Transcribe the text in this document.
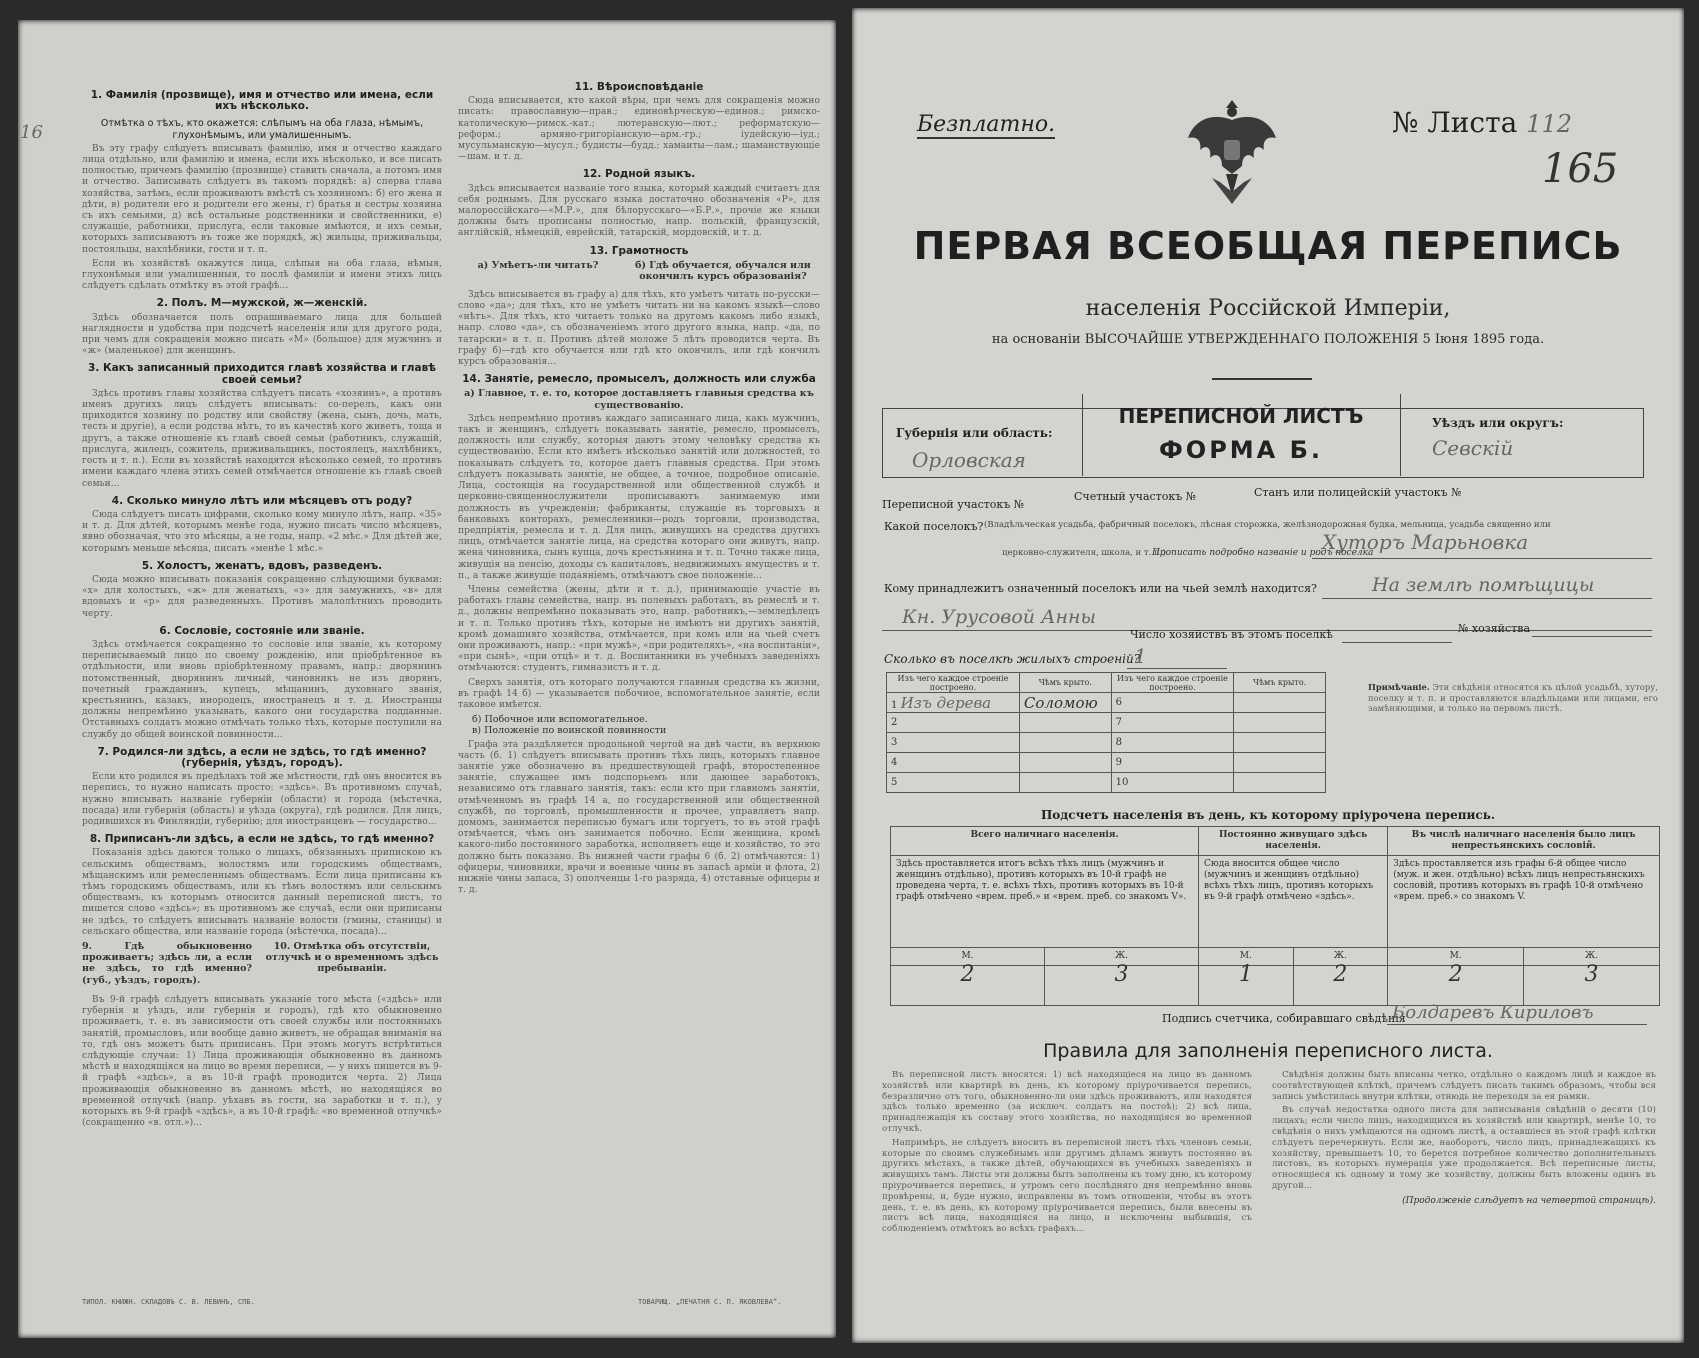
16
1. Фамилія (прозвище), имя и отчество или имена, если ихъ нѣсколько.
Отмѣтка о тѣхъ, кто окажется: слѣпымъ на оба глаза, нѣмымъ, глухонѣмымъ, или умалишеннымъ.

Въ эту графу слѣдуетъ вписывать фамилію, имя и отчество каждаго лица отдѣльно, или фамилію и имена, если ихъ нѣсколько, и все писать полностью, причемъ фамилію (прозвище) ставить сначала, а потомъ имя и отчество. Записывать слѣдуетъ въ такомъ порядкѣ: а) сперва глава хозяйства, затѣмъ, если проживаютъ вмѣстѣ съ хозяиномъ: б) его жена и дѣти, в) родители его и родители его жены, г) братья и сестры хозяина съ ихъ семьями, д) всѣ остальные родственники и свойственники, е) служащіе, работники, прислуга, если таковые имѣются, и ихъ семьи, которыхъ записываютъ въ тоже же порядкѣ, ж) жильцы, приживальцы, постояльцы, нахлѣбники, гости и т. п.

Если въ хозяйствѣ окажутся лица, слѣпыя на оба глаза, нѣмыя, глухонѣмыя или умалишенныя, то послѣ фамиліи и имени этихъ лицъ слѣдуетъ сдѣлать отмѣтку въ этой графѣ...

2. Полъ. М—мужской, ж—женскій.

Здѣсь обозначается полъ опрашиваемаго лица для большей наглядности и удобства при подсчетѣ населенія или для другого рода, при чемъ для сокращенія можно писать «М» (большое) для мужчинъ и «ж» (маленькое) для женщинъ.

3. Какъ записанный приходится главѣ хозяйства и главѣ своей семьи?

Здѣсь противъ главы хозяйства слѣдуетъ писать «хозяинъ», а противъ именъ другихъ лицъ слѣдуетъ вписывать: со-перелъ, какъ они приходятся хозяину по родству или свойству (жена, сынъ, дочь, мать, тесть и другіе), а если родства нѣтъ, то въ качествѣ кого живетъ, тоща и другъ, а также отношеніе къ главѣ своей семьи (работникъ, служащій, прислуга, жилецъ, сожитель, приживальщикъ, постоялецъ, нахлѣбникъ, гость и т. п.). Если въ хозяйствѣ находятся нѣсколько семей, то противъ имени каждаго члена этихъ семей отмѣчается отношеніе къ главѣ своей семьи...

4. Сколько минуло лѣтъ или мѣсяцевъ отъ роду?

Сюда слѣдуетъ писать цифрами, сколько кому минуло лѣтъ, напр. «35» и т. д. Для дѣтей, которымъ менѣе года, нужно писать число мѣсяцевъ, явно обозначая, что это мѣсяцы, а не годы, напр. «2 мѣс.» Для дѣтей же, которымъ меньше мѣсяца, писать «менѣе 1 мѣс.»

5. Холостъ, женатъ, вдовъ, разведенъ.

Сюда можно вписывать показанія сокращенно слѣдующими буквами: «х» для холостыхъ, «ж» для женатыхъ, «з» для замужнихъ, «в» для вдовыхъ и «р» для разведенныхъ. Противъ малолѣтнихъ проводить черту.

6. Сословіе, состояніе или званіе.

Здѣсь отмѣчается сокращенно то сословіе или званіе, къ которому переписываемый лицо по своему рожденію, или пріобрѣтенное въ отдѣльности, или вновь пріобрѣтенному правамъ, напр.: дворянинъ потомственный, дворянинъ личный, чиновникъ не изъ дворянъ, почетный гражданинъ, купецъ, мѣщанинъ, духовнаго званія, крестьянинъ, казакъ, инородецъ, иностранецъ и т. д. Иностранцы должны непремѣнно указывать, какого они государства подданные. Отставныхъ солдатъ можно отмѣчать только тѣхъ, которые поступили на службу до общей воинской повинности...

7. Родился-ли здѣсь, а если не здѣсь, то гдѣ именно? (губернія, уѣздъ, городъ).

Если кто родился въ предѣлахъ той же мѣстности, гдѣ онъ вносится въ перепись, то нужно написать просто: «здѣсь». Въ противномъ случаѣ, нужно вписывать названіе губерніи (области) и города (мѣстечка, посада) или губернія (область) и уѣзда (округа), гдѣ родился. Для лицъ, родившихся въ Финляндіи, губернію; для иностранцевъ — государство...

8. Приписанъ-ли здѣсь, а если не здѣсь, то гдѣ именно?

Показанія здѣсь даются только о лицахъ, обязанныхъ припискою къ сельскимъ обществамъ, волостямъ или городскимъ обществамъ, мѣщанскимъ или ремесленнымъ обществамъ. Если лица приписаны къ тѣмъ городскимъ обществамъ, или къ тѣмъ волостямъ или сельскимъ обществамъ, къ которымъ относится данный переписной листъ, то пишется слово «здѣсь»; въ противномъ же случаѣ, если они приписаны не здѣсь, то слѣдуетъ вписывать названіе волости (гмины, станицы) и сельскаго общества, или названіе города (мѣстечка, посада)...

9. Гдѣ обыкновенно проживаетъ; здѣсь ли, а если не здѣсь, то гдѣ именно? (губ., уѣздъ, городъ).
10. Отмѣтка объ отсутствіи, отлучкѣ и о временномъ здѣсь пребываніи.

Въ 9-й графѣ слѣдуетъ вписывать указаніе того мѣста («здѣсь» или губернія и уѣздъ, или губернія и городъ), гдѣ кто обыкновенно проживаетъ, т. е. въ зависимости отъ своей службы или постоянныхъ занятій, промысловъ, или вообще давно живетъ, не обращая вниманія на то, гдѣ онъ можетъ быть приписанъ. При этомъ могутъ встрѣтиться слѣдующіе случаи: 1) Лица проживающія обыкновенно въ данномъ мѣстѣ и находящіяся на лицо во время переписи, — у нихъ пишется въ 9-й графѣ «здѣсь», а въ 10-й графѣ проводится черта. 2) Лица проживающія обыкновенно въ данномъ мѣстѣ, но находящіяся во временной отлучкѣ (напр. уѣхавъ въ гости, на заработки и т. п.), у которыхъ въ 9-й графѣ «здѣсь», а въ 10-й графѣ: «во временной отлучкѣ» (сокращенно «в. отл.»)...

ТИПОЛ. КНИЖН. СКЛАДОВЪ С. В. ЛЕВИНЪ, СПБ.
11. Вѣроисповѣданіе

Сюда вписывается, кто какой вѣры, при чемъ для сокращенія можно писать: православную—прав.; единовѣрческую—единов.; римско-католическую—римск.-кат.; лютеранскую—лют.; реформатскую—реформ.; армяно-григоріанскую—арм.-гр.; іудейскую—іуд.; мусульманскую—мусул.; будисты—будд.; хамаиты—лам.; шаманствующіе—шам. и т. д.

12. Родной языкъ.

Здѣсь вписывается названіе того языка, который каждый считаетъ для себя роднымъ. Для русскаго языка достаточно обозначенія «Р», для малороссійскаго—«М.Р.», для бѣлорусскаго—«Б.Р.», прочіе же языки должны быть прописаны полностью, напр. польскій, французскій, англійскій, нѣмецкій, еврейскій, татарскій, мордовскій, и т. д.

13. Грамотность
а) Умѣетъ-ли читать?	б) Гдѣ обучается, обучался или окончилъ курсъ образованія?

Здѣсь вписывается въ графу а) для тѣхъ, кто умѣетъ читать по-русски—слово «да»; для тѣхъ, кто не умѣетъ читать ни на какомъ языкѣ—слово «нѣтъ». Для тѣхъ, кто читаетъ только на другомъ какомъ либо языкѣ, напр. слово «да», съ обозначеніемъ этого другого языка, напр. «да, по татарски» и т. п. Противъ дѣтей моложе 5 лѣтъ проводится черта. Въ графу б)—гдѣ кто обучается или гдѣ кто окончилъ, или гдѣ кончилъ курсъ образованія...

14. Занятіе, ремесло, промыселъ, должность или служба
а) Главное, т. е. то, которое доставляетъ главныя средства къ существованію.

Здѣсь непремѣнно противъ каждаго записаннаго лица, какъ мужчинъ, такъ и женщинъ, слѣдуетъ показывать занятіе, ремесло, промыселъ, должность или службу, которыя даютъ этому человѣку средства къ существованію. Если кто имѣетъ нѣсколько занятій или должностей, то показывать слѣдуетъ то, которое даетъ главныя средства. При этомъ слѣдуетъ показывать занятіе, не общее, а точное, подробное описаніе. Лица, состоящія на государственной или общественной службѣ и церковно-священнослужители прописываютъ занимаемую ими должность въ учрежденіи; фабриканты, служащіе въ торговыхъ и банковыхъ конторахъ, ремесленники—родъ торговли, производства, предпріятія, ремесла и т. д. Для лицъ, живущихъ на средства другихъ лицъ, отмѣчается занятіе лица, на средства котораго они живутъ, напр. жена чиновника, сынъ купца, дочь крестьянина и т. п. Точно также лица, живущія на пенсію, доходы съ капиталовъ, недвижимыхъ имуществъ и т. п., а также живущіе подаяніемъ, отмѣчаютъ свое положеніе...

Члены семейства (жены, дѣти и т. д.), принимающіе участіе въ работахъ главы семейства, напр. въ полевыхъ работахъ, въ ремеслѣ и т. д., должны непремѣнно показывать это, напр. работникъ,—земледѣлецъ и т. п. Только противъ тѣхъ, которые не имѣютъ ни другихъ занятій, кромѣ домашняго хозяйства, отмѣчается, при комъ или на чьей счетъ они проживаютъ, напр.: «при мужѣ», «при родителяхъ», «на воспитаніи», «при сынѣ», «при отцѣ» и т. д. Воспитанники въ учебныхъ заведеніяхъ отмѣчаются: студентъ, гимназистъ и т. д.

Сверхъ занятія, отъ котораго получаются главныя средства къ жизни, въ графѣ 14 б) — указывается побочное, вспомогательное занятіе, если таковое имѣется.

б) Побочное или вспомогательное.
в) Положеніе по воинской повинности

Графа эта раздѣляется продольной чертой на двѣ части, въ верхнюю часть (б. 1) слѣдуетъ вписывать противъ тѣхъ лицъ, которыхъ главное занятіе уже обозначено въ предшествующей графѣ, второстепенное занятіе, служащее имъ подспорьемъ или дающее заработокъ, независимо отъ главнаго занятія, такъ: если кто при главномъ занятіи, отмѣченномъ въ графѣ 14 а, по государственной или общественной службѣ, по торговлѣ, промышленности и прочее, управляетъ напр. домомъ, занимается переписью бумагъ или торгуетъ, то въ этой графѣ отмѣчается, чѣмъ онъ занимается побочно. Если женщина, кромѣ какого-либо постоянного заработка, исполняетъ еще и хозяйство, то это должно быть показано. Въ нижней части графы 6 (б. 2) отмѣчаются: 1) офицеры, чиновники, врачи и военные чины въ запасѣ арміи и флота, 2) нижніе чины запаса, 3) ополченцы 1-го разряда, 4) отставные офицеры и т. д.

ТОВАРИЩ. „ПЕЧАТНЯ С. П. ЯКОВЛЕВА“.
Безплатно.	№ Листа 112
165
ПЕРВАЯ ВСЕОБЩАЯ ПЕРЕПИСЬ
населенія Россійской Имперіи,
на основаніи ВЫСОЧАЙШЕ УТВЕРЖДЕННАГО ПОЛОЖЕНІЯ 5 Іюня 1895 года.
Губернія или область:
Орловская
ПЕРЕПИСНОЙ ЛИСТЪ
ФОРМА Б.
Уѣздъ или округъ:
Севскій
Переписной участокъ №
Счетный участокъ №	Станъ или полицейскій участокъ №
Какой поселокъ? (Владѣльческая усадьба, фабричный поселокъ, лѣсная сторожка, желѣзнодорожная будка, мельница, усадьба священно или
церковно-служителя, школа, и т. п.)
Прописать подробно названіе и родъ поселка
Хуторъ Марьновка
Кому принадлежитъ означенный поселокъ или на чьей землѣ находится?	На землѣ помѣщицы
Кн. Урусовой Анны
Число хозяйствъ въ этомъ поселкѣ	№ хозяйства
Сколько въ поселкѣ жилыхъ строеній?
1
Изъ чего каждое строеніе построено.	Чѣмъ крыто.	Изъ чего каждое строеніе построено.	Чѣмъ крыто.
1 Изъ дерева	Соломою	6	
2		7	
3		8	
4		9	
5		10	
Примѣчаніе. Эти свѣдѣнія относятся къ цѣлой усадьбѣ, хутору, поселку и т. п. и проставляются владѣльцами или лицами, его замѣняющими, и только на первомъ листѣ.
Подсчетъ населенія въ день, къ которому пріурочена перепись.
Всего наличнаго населенія.		Постоянно живущаго здѣсь населенія.		Въ числѣ наличнаго населенія было лицъ непрестьянскихъ сословій.	
Здѣсь проставляется итогъ всѣхъ тѣхъ лицъ (мужчинъ и женщинъ отдѣльно), противъ которыхъ въ 10-й графѣ не проведена черта, т. е. всѣхъ тѣхъ, противъ которыхъ въ 10-й графѣ отмѣчено «врем. преб.» и «врем. преб. со знакомъ V».		Сюда вносится общее число (мужчинъ и женщинъ отдѣльно) всѣхъ тѣхъ лицъ, противъ которыхъ въ 9-й графѣ отмѣчено «здѣсь».		Здѣсь проставляется изъ графы 6-й общее число (муж. и жен. отдѣльно) всѣхъ лицъ непрестьянскихъ сословій, противъ которыхъ въ графѣ 10-й отмѣчено «врем. преб.» со знакомъ V.	
М.	Ж.	М.	Ж.	М.	Ж.
2	3	1	2	2	3
Подпись счетчика, собиравшаго свѣдѣнія
Болдаревъ Кириловъ
Правила для заполненія переписного листа.

Въ переписной листъ вносятся: 1) всѣ находящіеся на лицо въ данномъ хозяйствѣ или квартирѣ въ день, къ которому пріурочивается перепись, безразлично отъ того, обыкновенно-ли они здѣсь проживаютъ, или находятся здѣсь только временно (за исключ. солдатъ на постоѣ); 2) всѣ лица, принадлежащія къ составу этого хозяйства, но находящіяся во временной отлучкѣ.

Напримѣръ, не слѣдуетъ вносить въ переписной листъ тѣхъ членовъ семьи, которые по своимъ служебнымъ или другимъ дѣламъ живутъ постоянно въ другихъ мѣстахъ, а также дѣтей, обучающихся въ учебныхъ заведеніяхъ и живущихъ тамъ. Листы эти должны быть заполнены къ тому дню, къ которому пріурочивается перепись, и утромъ сего послѣдняго дня непремѣнно вновь провѣрены, и, буде нужно, исправлены въ томъ отношеніи, чтобы въ этотъ день, т. е. въ день, къ которому пріурочивается перепись, были внесены въ листъ всѣ лица, находящіяся на лицо, и исключены выбывшія, съ соблюденіемъ отмѣтокъ во всѣхъ графахъ...

Свѣдѣнія должны быть вписаны четко, отдѣльно о каждомъ лицѣ и каждое въ соотвѣтствующей клѣткѣ, причемъ слѣдуетъ писать такимъ образомъ, чтобы вся запись умѣстилась внутри клѣтки, отнюдь не переходя за ея рамки.

Въ случаѣ недостатка одного листа для записыванія свѣдѣній о десяти (10) лицахъ; если число лицъ, находящихся въ хозяйствѣ или квартирѣ, менѣе 10, то свѣдѣнія о нихъ умѣщаются на одномъ листѣ, а оставшіеся въ этой графѣ клѣтки слѣдуетъ перечеркнуть. Если же, наоборотъ, число лицъ, принадлежащихъ къ хозяйству, превышаетъ 10, то берется потребное количество дополнительныхъ листовъ, въ которыхъ нумерація уже продолжается. Всѣ переписные листы, относящіеся къ одному и тому же хозяйству, должны быть вложены одинъ въ другой...

(Продолженіе слѣдуетъ на четвертой страницѣ).
